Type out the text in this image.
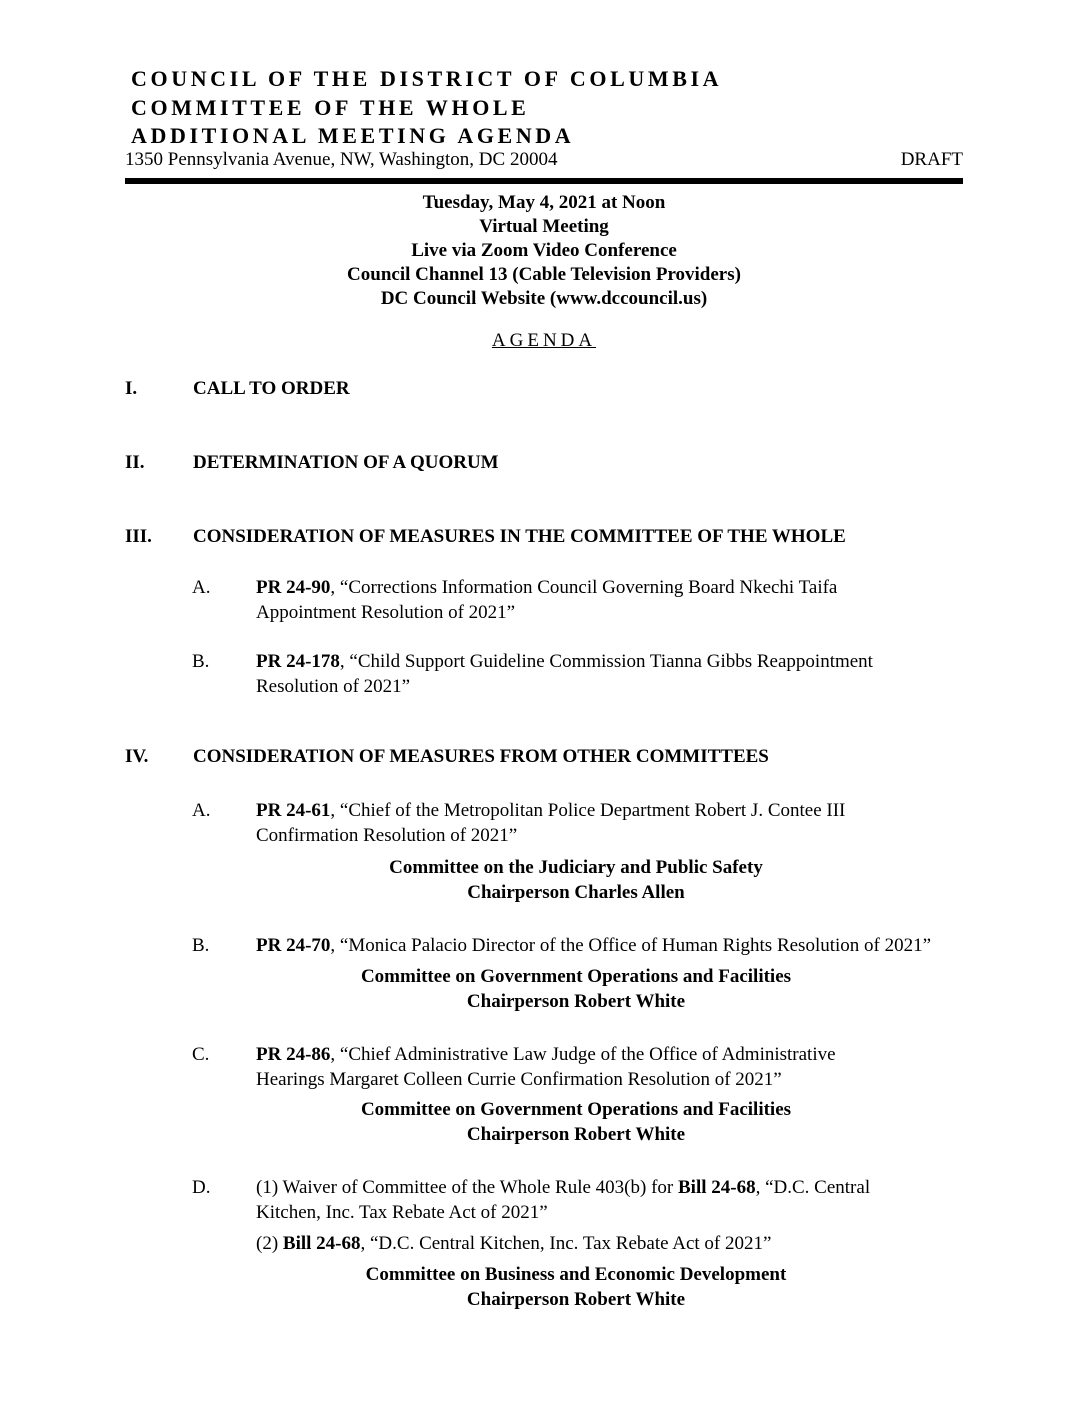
COUNCIL OF THE DISTRICT OF COLUMBIA
COMMITTEE OF THE WHOLE
ADDITIONAL MEETING AGENDA
1350 Pennsylvania Avenue, NW, Washington, DC 20004	DRAFT
Tuesday, May 4, 2021 at Noon
Virtual Meeting
Live via Zoom Video Conference
Council Channel 13 (Cable Television Providers)
DC Council Website (www.dccouncil.us)
AGENDA
I.	CALL TO ORDER
II.	DETERMINATION OF A QUORUM
III. CONSIDERATION OF MEASURES IN THE COMMITTEE OF THE WHOLE
A. PR 24-90, “Corrections Information Council Governing Board Nkechi Taifa
Appointment Resolution of 2021”
B. PR 24-178, “Child Support Guideline Commission Tianna Gibbs Reappointment
Resolution of 2021”
IV. CONSIDERATION OF MEASURES FROM OTHER COMMITTEES
A. PR 24-61, “Chief of the Metropolitan Police Department Robert J. Contee III
Confirmation Resolution of 2021”
Committee on the Judiciary and Public Safety
Chairperson Charles Allen
B. PR 24-70, “Monica Palacio Director of the Office of Human Rights Resolution of 2021”
Committee on Government Operations and Facilities
Chairperson Robert White
C. PR 24-86, “Chief Administrative Law Judge of the Office of Administrative
Hearings Margaret Colleen Currie Confirmation Resolution of 2021”
Committee on Government Operations and Facilities
Chairperson Robert White
D. (1) Waiver of Committee of the Whole Rule 403(b) for Bill 24-68, “D.C. Central
Kitchen, Inc. Tax Rebate Act of 2021”
(2) Bill 24-68, “D.C. Central Kitchen, Inc. Tax Rebate Act of 2021”
Committee on Business and Economic Development
Chairperson Robert White
